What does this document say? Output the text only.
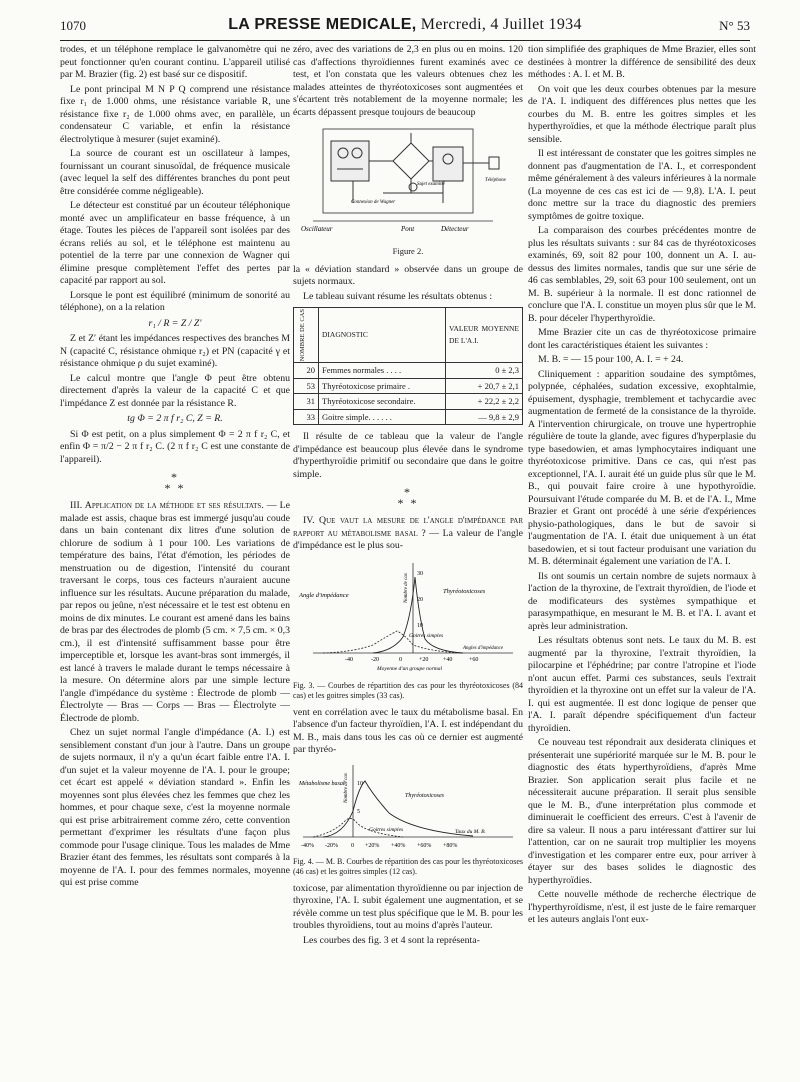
1070	LA PRESSE MEDICALE, Mercredi, 4 Juillet 1934	N° 53

trodes, et un téléphone remplace le galvanomètre qui ne peut fonctionner qu'en courant continu. L'appareil utilisé par M. Brazier (fig. 2) est basé sur ce dispositif.

Le pont principal M N P Q comprend une résistance fixe r₁ de 1.000 ohms, une résistance variable R, une résistance fixe r₂ de 1.000 ohms avec, en parallèle, un condensateur C variable, et enfin la résistance électrolytique à mesurer (sujet examiné).

La source de courant est un oscillateur à lampes, fournissant un courant sinusoïdal, de fréquence musicale (avec lequel la self des différentes branches du pont peut être considérée comme négligeable).

Le détecteur est constitué par un écouteur téléphonique monté avec un amplificateur en basse fréquence, à un étage. Toutes les pièces de l'appareil sont isolées par des écrans reliés au sol, et le téléphone est maintenu au potentiel de la terre par une connexion de Wagner qui élimine presque complètement l'effet des pertes par capacité par rapport au sol.

Lorsque le pont est équilibré (minimum de sonorité au téléphone), on a la relation

r₁ / R = Z / Z′

Z et Z′ étant les impédances respectives des branches M N (capacité C, résistance ohmique r₂) et PN (capacité γ et résistance ohmique ρ du sujet examiné).

Le calcul montre que l'angle Φ peut être obtenu directement d'après la valeur de la capacité C et que l'impédance Z est donnée par la résistance R.

tg Φ = 2 π f r₂ C, Z = R.

Si Φ est petit, on a plus simplement Φ = 2 π f r₂ C, et enfin Φ = π/2 − 2 π f r₂ C. (2 π f r₂ C est une constante de l'appareil).

*
* *

III. Application de la méthode et ses résultats. — Le malade est assis, chaque bras est immergé jusqu'au coude dans un bain contenant dix litres d'une solution de chlorure de sodium à 1 pour 100. Les variations de température des bains, l'état d'émotion, les périodes de menstruation ou de digestion, l'intensité du courant traversant le corps, tous ces facteurs n'auraient aucune influence sur les résultats. Aucune préparation du malade, par repos ou jeûne, n'est nécessaire et le test est obtenu en moins de dix minutes. Le courant est amené dans les bains de bras par des électrodes de plomb (5 cm. × 7,5 cm. × 0,3 cm.), il est d'intensité suffisamment basse pour être imperceptible et, lorsque les avant-bras sont immergés, il est lancé à travers le malade durant le temps nécessaire à la mesure. On détermine alors par une simple lecture l'angle d'impédance du système : Électrode de plomb — Électrolyte — Bras — Corps — Bras — Électrolyte — Électrode de plomb.

Chez un sujet normal l'angle d'impédance (A. I.) est sensiblement constant d'un jour à l'autre. Dans un groupe de sujets normaux, il n'y a qu'un écart faible entre l'A. I. d'un sujet et la valeur moyenne de l'A. I. pour le groupe; cet écart est appelé « déviation standard ». Enfin les moyennes sont plus élevées chez les femmes que chez les hommes, et pour chaque sexe, c'est la moyenne normale qui est prise arbitrairement comme zéro, cette convention permettant d'exprimer les résultats d'une façon plus commode pour l'usage clinique. Tous les malades de Mme Brazier étant des femmes, les résultats sont comparés à la moyenne de l'A. I. pour des femmes normales, moyenne qui est prise comme

zéro, avec des variations de 2,3 en plus ou en moins. 120 cas d'affections thyroïdiennes furent examinés avec ce test, et l'on constata que les valeurs obtenues chez les malades atteintes de thyréotoxicoses sont augmentées et s'écartent très notablement de la moyenne normale; les écarts dépassent presque toujours de beaucoup

Oscillateur
Connexion de Wagner
Pont	Détecteur
Téléphone
Sujet examiné
Figure 2.

la « déviation standard » observée dans un groupe de sujets normaux.

Le tableau suivant résume les résultats obtenus :

NOMBRE DE CAS	DIAGNOSTIC	VALEUR MOYENNE DE L'A.I.
20	Femmes normales . . . .	0 ± 2,3
53	Thyréotoxicose primaire .	+ 20,7 ± 2,1
31	Thyréotoxicose secondaire.	+ 22,2 ± 2,2
33	Goitre simple. . . . . .	— 9,8 ± 2,9

Il résulte de ce tableau que la valeur de l'angle d'impédance est beaucoup plus élevée dans le syndrome d'hyperthyroïdie primitif ou secondaire que dans le goitre simple.

*
* *

IV. Que vaut la mesure de l'angle d'impédance par rapport au métabolisme basal ? — La valeur de l'angle d'impédance est le plus sou-

Nombre de cas
10
20
30
Angle d'impédance
Thyréotoxicoses
Goitres simples
Angles d'impédance
-40	-20	0	+20 +40	+60
Moyenne d'un groupe normal
Fig. 3. — Courbes de répartition des cas pour les thyréotoxicoses (84 cas) et les goitres simples (33 cas).

vent en corrélation avec le taux du métabolisme basal. En l'absence d'un facteur thyroïdien, l'A. I. est indépendant du M. B., mais dans tous les cas où ce dernier est augmenté par thyréo-

Nombre de cas
5
10
Métabolisme basal
Thyréotoxicoses
Goitres simples	Taux du M. B.
-40% -20% 0 +20% +40% +60% +80%
Fig. 4. — M. B. Courbes de répartition des cas pour les thyréotoxicoses (46 cas) et les goitres simples (12 cas).

toxicose, par alimentation thyroïdienne ou par injection de thyroxine, l'A. I. subit également une augmentation, et se révèle comme un test plus spécifique que le M. B. pour les troubles thyroïdiens, tout au moins d'après l'auteur.

Les courbes des fig. 3 et 4 sont la représenta-

tion simplifiée des graphiques de Mme Brazier, elles sont destinées à montrer la différence de sensibilité des deux méthodes : A. I. et M. B.

On voit que les deux courbes obtenues par la mesure de l'A. I. indiquent des différences plus nettes que les courbes du M. B. entre les goitres simples et les hyperthyroïdies, et que la méthode électrique paraît plus sensible.

Il est intéressant de constater que les goitres simples ne donnent pas d'augmentation de l'A. I., et correspondent même généralement à des valeurs inférieures à la normale (La moyenne de ces cas est ici de — 9,8). L'A. I. peut donc mettre sur la trace du diagnostic des premiers symptômes de goitre toxique.

La comparaison des courbes précédentes montre de plus les résultats suivants : sur 84 cas de thyréotoxicoses examinés, 69, soit 82 pour 100, donnent un A. I. au-dessus des limites normales, tandis que sur une série de 46 cas semblables, 29, soit 63 pour 100 seulement, ont un M. B. supérieur à la normale. Il est donc rationnel de conclure que l'A. I. constitue un moyen plus sûr que le M. B. pour déceler l'hyperthyroïdie.

Mme Brazier cite un cas de thyréotoxicose primaire dont les caractéristiques étaient les suivantes :

M. B. = — 15 pour 100, A. I. = + 24.

Cliniquement : apparition soudaine des symptômes, polypnée, céphalées, sudation excessive, exophtalmie, épuisement, dysphagie, tremblement et tachycardie avec augmentation de fermeté de la consistance de la thyroïde. A l'intervention chirurgicale, on trouve une hypertrophie régulière de toute la glande, avec figures d'hyperplasie du type basedowien, et amas lymphocytaires indiquant une thyréotoxicose primitive. Dans ce cas, qui n'est pas exceptionnel, l'A. I. aurait été un guide plus sûr que le M. B., qui pouvait faire croire à une hypothyroïdie. Poursuivant l'étude comparée du M. B. et de l'A. I., Mme Brazier et Grant ont procédé à une série d'expériences physio-pathologiques, dans le but de savoir si l'augmentation de l'A. I. était due uniquement à un état basedowien, et si tout facteur produisant une variation du M. B. déterminait également une variation de l'A. I.

Ils ont soumis un certain nombre de sujets normaux à l'action de la thyroxine, de l'extrait thyroïdien, de l'iode et de modificateurs des systèmes sympathique et parasympathique, en mesurant le M. B. et l'A. I. avant et après leur administration.

Les résultats obtenus sont nets. Le taux du M. B. est augmenté par la thyroxine, l'extrait thyroïdien, la pilocarpine et l'éphédrine; par contre l'atropine et l'iode n'ont aucun effet. Parmi ces substances, seuls l'extrait thyroïdien et la thyroxine ont un effet sur la valeur de l'A. I. qui est augmentée. Il est donc logique de penser que l'A. I. paraît dépendre spécifiquement d'un facteur thyroïdien.

Ce nouveau test répondrait aux desiderata cliniques et présenterait une supériorité marquée sur le M. B. pour le diagnostic des états hyperthyroïdiens, d'après Mme Brazier. Son application serait plus facile et ne nécessiterait aucune préparation. Il serait plus sensible que le M. B., d'une interprétation plus commode et diminuerait le coefficient des erreurs. C'est à l'avenir de dire sa valeur. Il nous a paru intéressant d'attirer sur lui l'attention, car on ne saurait trop multiplier les moyens d'investigation et les comparer entre eux, pour arriver à étayer sur des bases solides le diagnostic des hyperthyroïdies.

Cette nouvelle méthode de recherche électrique de l'hyperthyroïdisme, n'est, il est juste de le faire remarquer et les auteurs anglais l'ont eux-
